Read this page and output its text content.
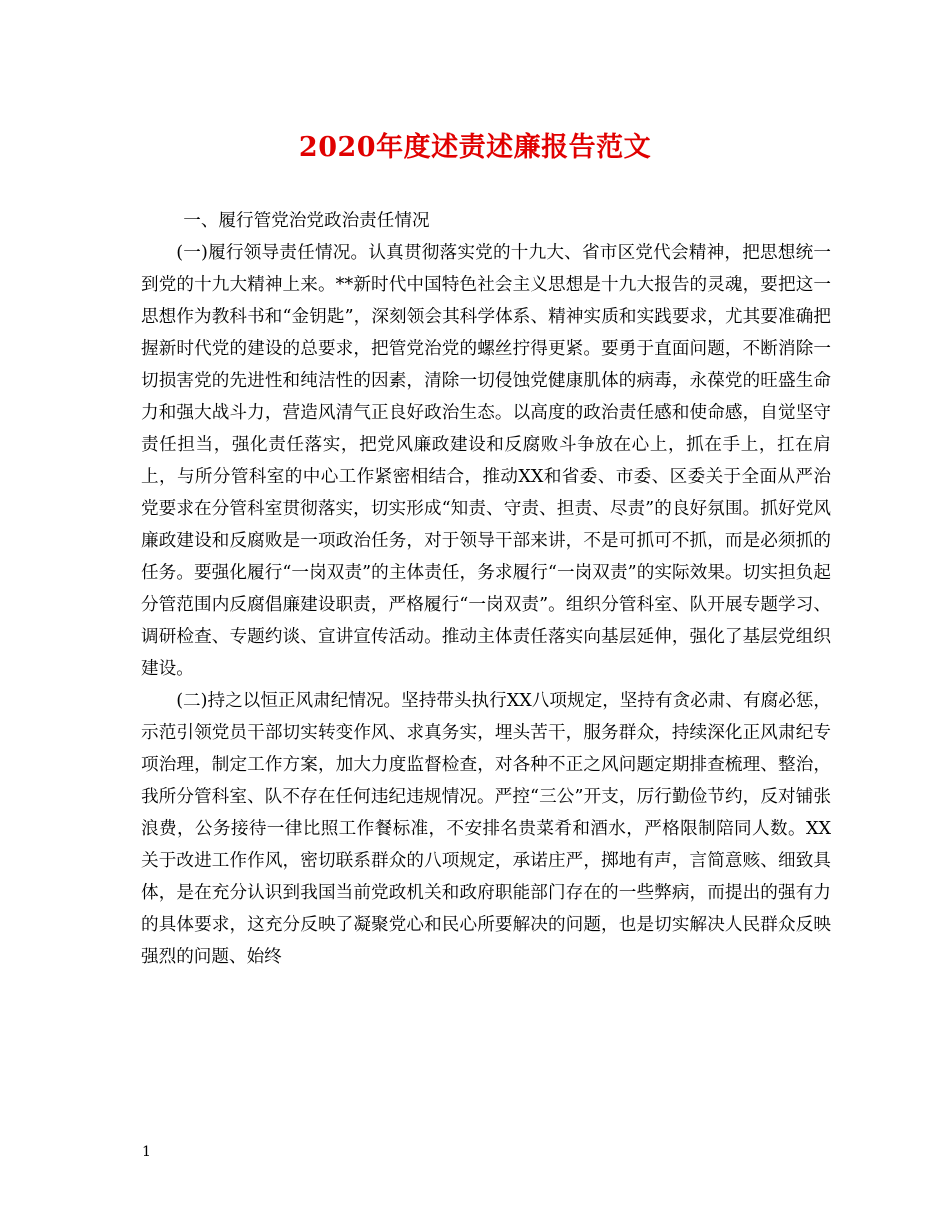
2020年度述责述廉报告范文

一、履行管党治党政治责任情况

(一)履行领导责任情况。认真贯彻落实党的十九大、省市区党代会精神，把思想统一到党的十九大精神上来。**新时代中国特色社会主义思想是十九大报告的灵魂，要把这一思想作为教科书和“金钥匙”，深刻领会其科学体系、精神实质和实践要求，尤其要准确把握新时代党的建设的总要求，把管党治党的螺丝拧得更紧。要勇于直面问题，不断消除一切损害党的先进性和纯洁性的因素，清除一切侵蚀党健康肌体的病毒，永葆党的旺盛生命力和强大战斗力，营造风清气正良好政治生态。以高度的政治责任感和使命感，自觉坚守责任担当，强化责任落实，把党风廉政建设和反腐败斗争放在心上，抓在手上，扛在肩上，与所分管科室的中心工作紧密相结合，推动XX和省委、市委、区委关于全面从严治党要求在分管科室贯彻落实，切实形成“知责、守责、担责、尽责”的良好氛围。抓好党风廉政建设和反腐败是一项政治任务，对于领导干部来讲，不是可抓可不抓，而是必须抓的任务。要强化履行“一岗双责”的主体责任，务求履行“一岗双责”的实际效果。切实担负起分管范围内反腐倡廉建设职责，严格履行“一岗双责”。组织分管科室、队开展专题学习、调研检查、专题约谈、宣讲宣传活动。推动主体责任落实向基层延伸，强化了基层党组织建设。

(二)持之以恒正风肃纪情况。坚持带头执行XX八项规定，坚持有贪必肃、有腐必惩，示范引领党员干部切实转变作风、求真务实，埋头苦干，服务群众，持续深化正风肃纪专项治理，制定工作方案，加大力度监督检查，对各种不正之风问题定期排查梳理、整治，我所分管科室、队不存在任何违纪违规情况。严控“三公”开支，厉行勤俭节约，反对铺张浪费，公务接待一律比照工作餐标准，不安排名贵菜肴和酒水，严格限制陪同人数。XX关于改进工作作风，密切联系群众的八项规定，承诺庄严，掷地有声，言简意赅、细致具体，是在充分认识到我国当前党政机关和政府职能部门存在的一些弊病，而提出的强有力的具体要求，这充分反映了凝聚党心和民心所要解决的问题，也是切实解决人民群众反映强烈的问题、始终

1
